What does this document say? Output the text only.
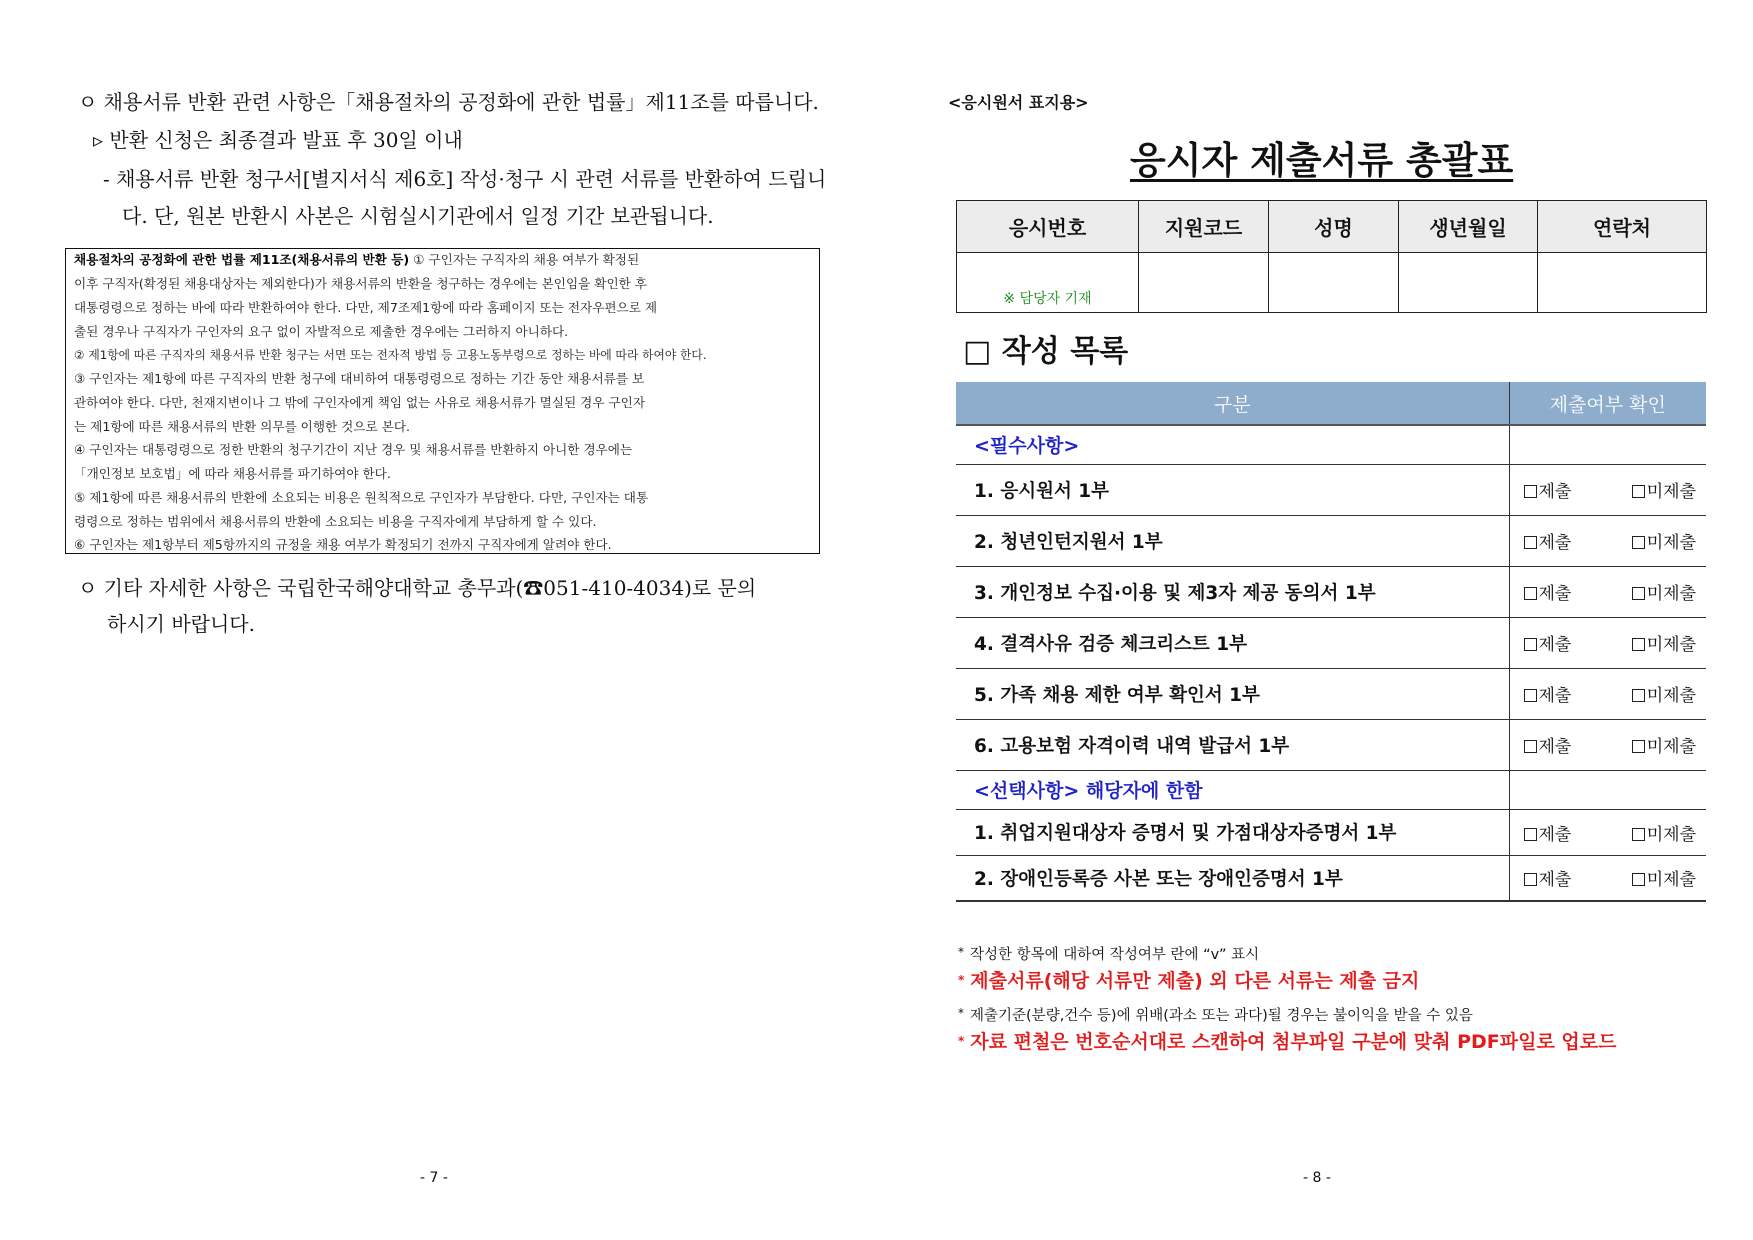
ㅇ 채용서류 반환 관련 사항은「채용절차의 공정화에 관한 법률」제11조를 따릅니다.
▹ 반환 신청은 최종결과 발표 후 30일 이내
- 채용서류 반환 청구서[별지서식 제6호] 작성·청구 시 관련 서류를 반환하여 드립니
다. 단, 원본 반환시 사본은 시험실시기관에서 일정 기간 보관됩니다.
채용절차의 공정화에 관한 법률 제11조(채용서류의 반환 등) ① 구인자는 구직자의 채용 여부가 확정된
이후 구직자(확정된 채용대상자는 제외한다)가 채용서류의 반환을 청구하는 경우에는 본인임을 확인한 후
대통령령으로 정하는 바에 따라 반환하여야 한다. 다만, 제7조제1항에 따라 홈페이지 또는 전자우편으로 제
출된 경우나 구직자가 구인자의 요구 없이 자발적으로 제출한 경우에는 그러하지 아니하다.
② 제1항에 따른 구직자의 채용서류 반환 청구는 서면 또는 전자적 방법 등 고용노동부령으로 정하는 바에 따라 하여야 한다.
③ 구인자는 제1항에 따른 구직자의 반환 청구에 대비하여 대통령령으로 정하는 기간 동안 채용서류를 보
관하여야 한다. 다만, 천재지변이나 그 밖에 구인자에게 책임 없는 사유로 채용서류가 멸실된 경우 구인자
는 제1항에 따른 채용서류의 반환 의무를 이행한 것으로 본다.
④ 구인자는 대통령령으로 정한 반환의 청구기간이 지난 경우 및 채용서류를 반환하지 아니한 경우에는
「개인정보 보호법」에 따라 채용서류를 파기하여야 한다.
⑤ 제1항에 따른 채용서류의 반환에 소요되는 비용은 원칙적으로 구인자가 부담한다. 다만, 구인자는 대통
령령으로 정하는 범위에서 채용서류의 반환에 소요되는 비용을 구직자에게 부담하게 할 수 있다.
⑥ 구인자는 제1항부터 제5항까지의 규정을 채용 여부가 확정되기 전까지 구직자에게 알려야 한다.
ㅇ 기타 자세한 사항은 국립한국해양대학교 총무과(☎051-410-4034)로 문의
하시기 바랍니다.
- 7 -
<응시원서 표지용>
응시자 제출서류 총괄표
응시번호	지원코드	성명	생년월일	연락처

※ 담당자 기재				

□ 작성 목록
구분	제출여부 확인
<필수사항>	
1. 응시원서 1부	제출 미제출

2. 청년인턴지원서 1부	제출 미제출

3. 개인정보 수집·이용 및 제3자 제공 동의서 1부	제출 미제출

4. 결격사유 검증 체크리스트 1부	제출 미제출

5. 가족 채용 제한 여부 확인서 1부	제출 미제출

6. 고용보험 자격이력 내역 발급서 1부	제출 미제출

<선택사항> 해당자에 한함	
1. 취업지원대상자 증명서 및 가점대상자증명서 1부	제출 미제출

2. 장애인등록증 사본 또는 장애인증명서 1부	제출 미제출
* 작성한 항목에 대하여 작성여부 란에 “v” 표시
* 제출서류(해당 서류만 제출) 외 다른 서류는 제출 금지
* 제출기준(분량,건수 등)에 위배(과소 또는 과다)될 경우는 불이익을 받을 수 있음
* 자료 편철은 번호순서대로 스캔하여 첨부파일 구분에 맞춰 PDF파일로 업로드
- 8 -
